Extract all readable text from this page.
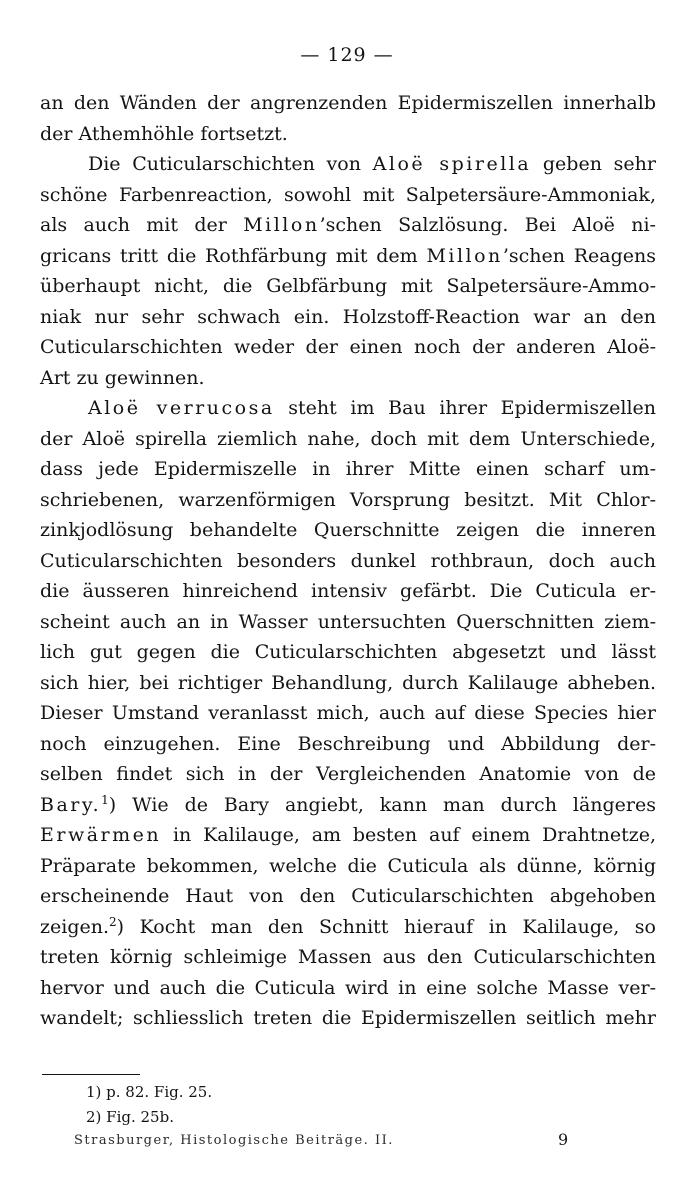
— 129 —
an den Wänden der angrenzenden Epidermiszellen innerhalb
der Athemhöhle fortsetzt.
Die Cuticularschichten von Aloë spirella geben sehr
schöne Farbenreaction, sowohl mit Salpetersäure-Ammoniak,
als auch mit der Millon’schen Salzlösung. Bei Aloë ni-
gricans tritt die Rothfärbung mit dem Millon’schen Reagens
überhaupt nicht, die Gelbfärbung mit Salpetersäure-Ammo-
niak nur sehr schwach ein. Holzstoff-Reaction war an den
Cuticularschichten weder der einen noch der anderen Aloë-
Art zu gewinnen.
Aloë verrucosa steht im Bau ihrer Epidermiszellen
der Aloë spirella ziemlich nahe, doch mit dem Unterschiede,
dass jede Epidermiszelle in ihrer Mitte einen scharf um-
schriebenen, warzenförmigen Vorsprung besitzt. Mit Chlor-
zinkjodlösung behandelte Querschnitte zeigen die inneren
Cuticularschichten besonders dunkel rothbraun, doch auch
die äusseren hinreichend intensiv gefärbt. Die Cuticula er-
scheint auch an in Wasser untersuchten Querschnitten ziem-
lich gut gegen die Cuticularschichten abgesetzt und lässt
sich hier, bei richtiger Behandlung, durch Kalilauge abheben.
Dieser Umstand veranlasst mich, auch auf diese Species hier
noch einzugehen. Eine Beschreibung und Abbildung der-
selben findet sich in der Vergleichenden Anatomie von de
Bary.$^1$) Wie de Bary angiebt, kann man durch längeres
Erwärmen in Kalilauge, am besten auf einem Drahtnetze,
Präparate bekommen, welche die Cuticula als dünne, körnig
erscheinende Haut von den Cuticularschichten abgehoben
zeigen.$^2$) Kocht man den Schnitt hierauf in Kalilauge, so
treten körnig schleimige Massen aus den Cuticularschichten
hervor und auch die Cuticula wird in eine solche Masse ver-
wandelt; schliesslich treten die Epidermiszellen seitlich mehr
1) p. 82. Fig. 25.
2) Fig. 25b.
Strasburger, Histologische Beiträge. II.	9
